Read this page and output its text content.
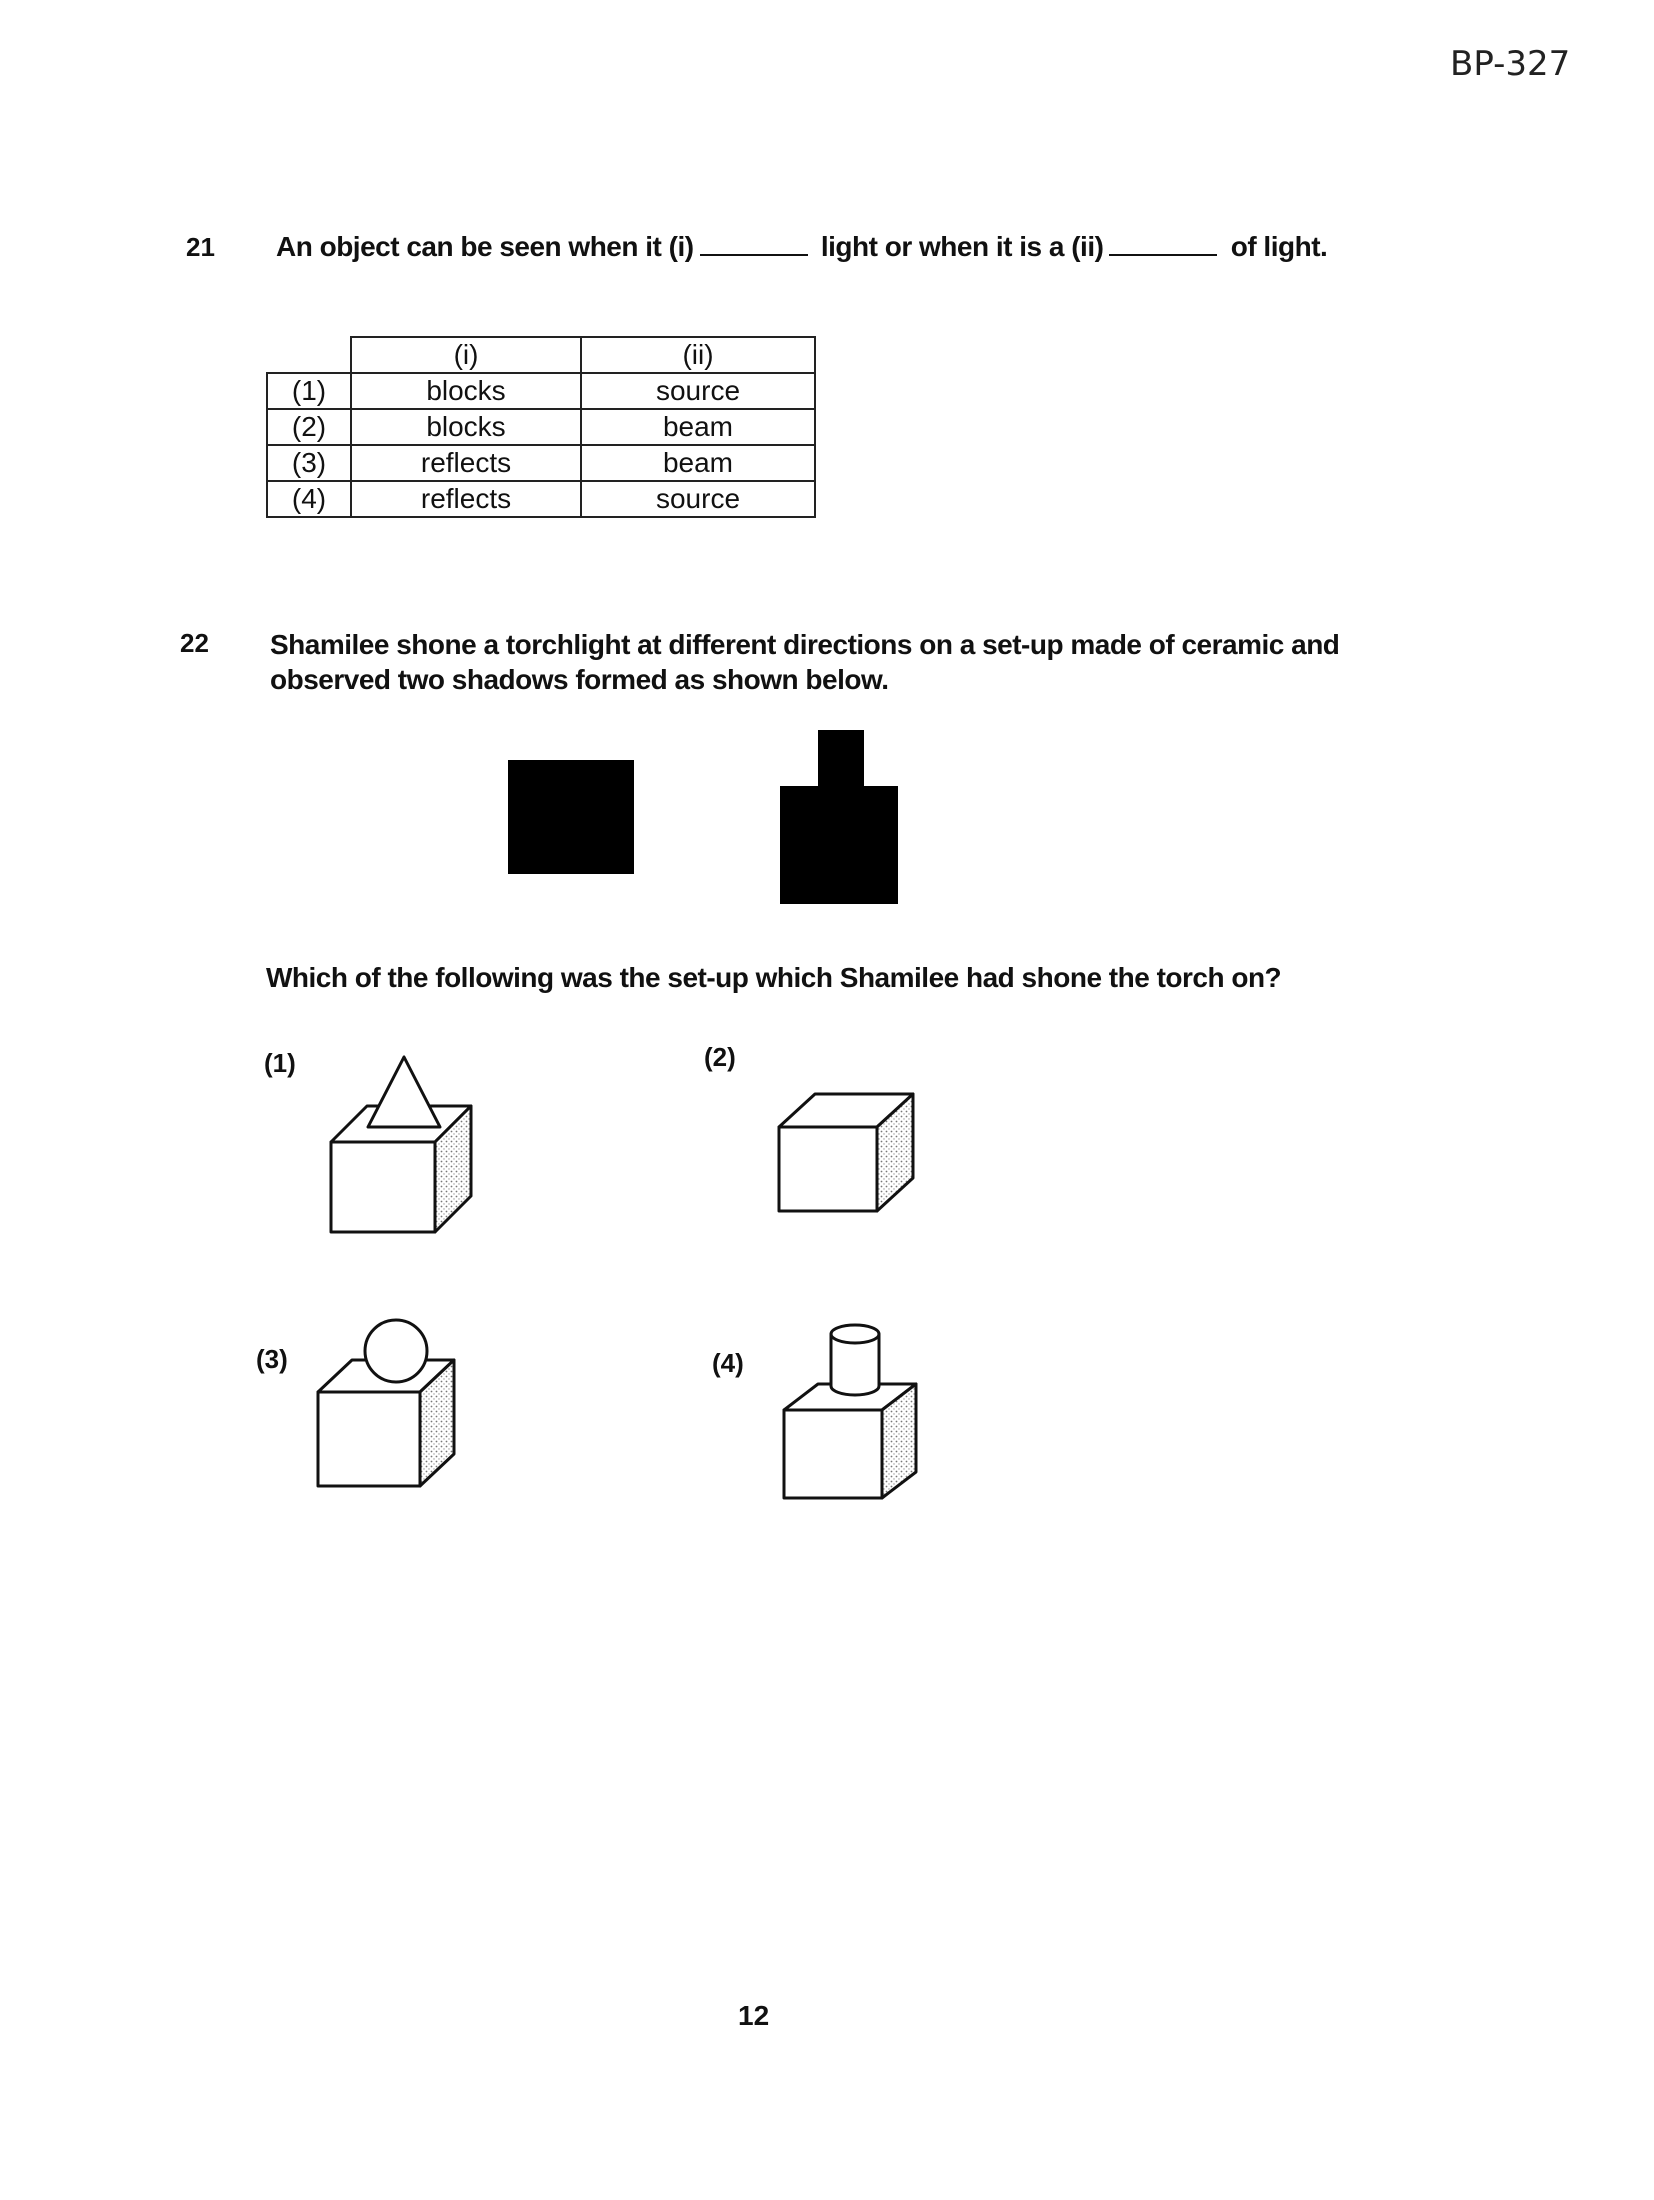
BP-327
21 An object can be seen when it (i)	light or when it is a (ii)	of light.
	(i)	(ii)
(1)	blocks	source
(2)	blocks	beam
(3)	reflects	beam
(4)	reflects	source
22 Shamilee shone a torchlight at different directions on a set-up made of ceramic and
observed two shadows formed as shown below.
Which of the following was the set-up which Shamilee had shone the torch on?
(1)	(2)
(3)	(4)
12
